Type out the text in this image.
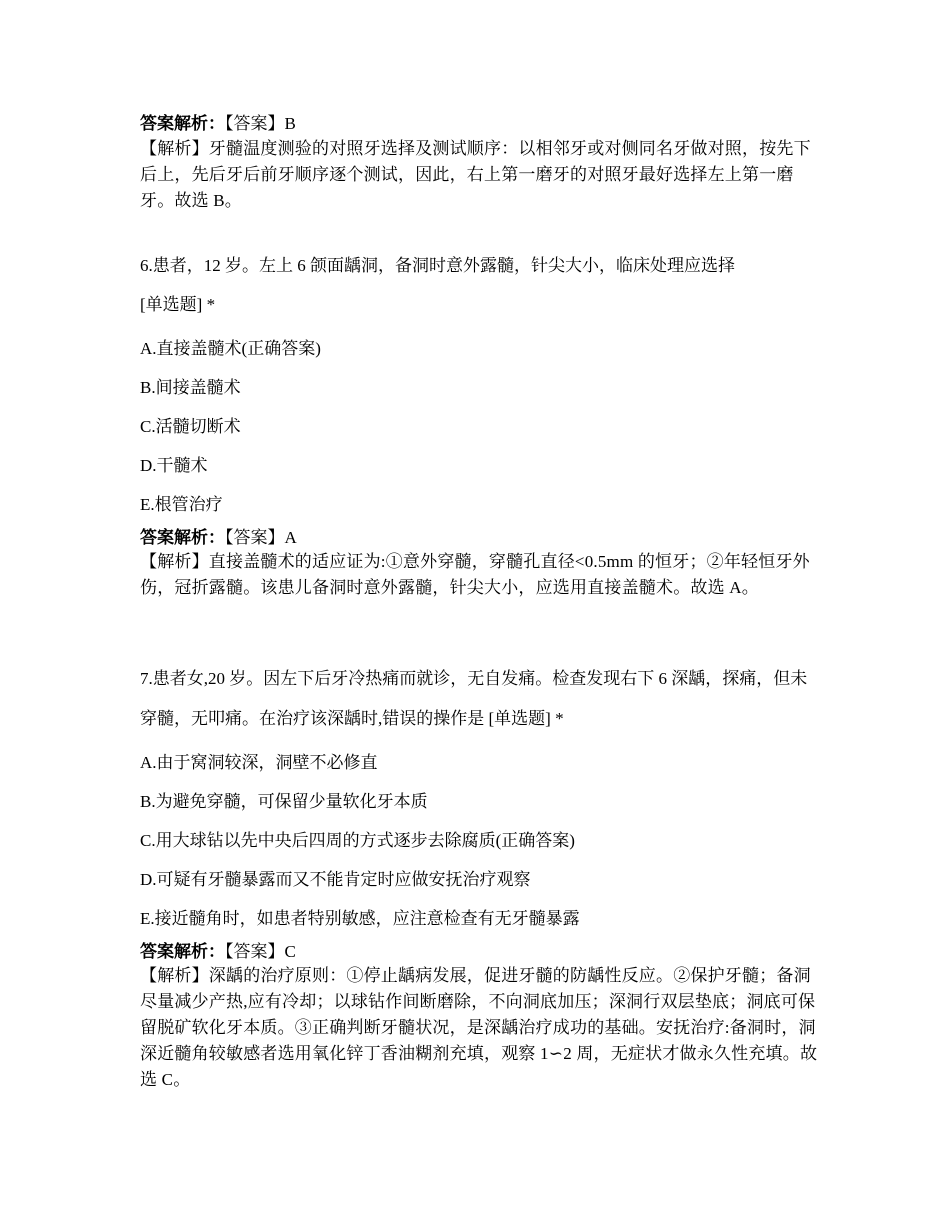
答案解析：【答案】B
【解析】牙髓温度测验的对照牙选择及测试顺序：以相邻牙或对侧同名牙做对照，按先下后上，先后牙后前牙顺序逐个测试，因此，右上第一磨牙的对照牙最好选择左上第一磨牙。故选 B。
6.患者，12 岁。左上 6 颌面龋洞，备洞时意外露髓，针尖大小，临床处理应选择
[单选题] *
A.直接盖髓术(正确答案)
B.间接盖髓术
C.活髓切断术
D.干髓术
E.根管治疗
答案解析：【答案】A
【解析】直接盖髓术的适应证为:①意外穿髓，穿髓孔直径<0.5mm 的恒牙；②年轻恒牙外伤，冠折露髓。该患儿备洞时意外露髓，针尖大小，应选用直接盖髓术。故选 A。
7.患者女,20 岁。因左下后牙冷热痛而就诊，无自发痛。检查发现右下 6 深龋，探痛，但未穿髓，无叩痛。在治疗该深龋时,错误的操作是 [单选题] *
A.由于窝洞较深，洞壁不必修直
B.为避免穿髓，可保留少量软化牙本质
C.用大球钻以先中央后四周的方式逐步去除腐质(正确答案)
D.可疑有牙髓暴露而又不能肯定时应做安抚治疗观察
E.接近髓角时，如患者特别敏感，应注意检查有无牙髓暴露
答案解析：【答案】C
【解析】深龋的治疗原则：①停止龋病发展，促进牙髓的防龋性反应。②保护牙髓；备洞尽量减少产热,应有冷却；以球钻作间断磨除，不向洞底加压；深洞行双层垫底；洞底可保留脱矿软化牙本质。③正确判断牙髓状况，是深龋治疗成功的基础。安抚治疗:备洞时，洞深近髓角较敏感者选用氧化锌丁香油糊剂充填，观察 1∽2 周，无症状才做永久性充填。故选 C。
